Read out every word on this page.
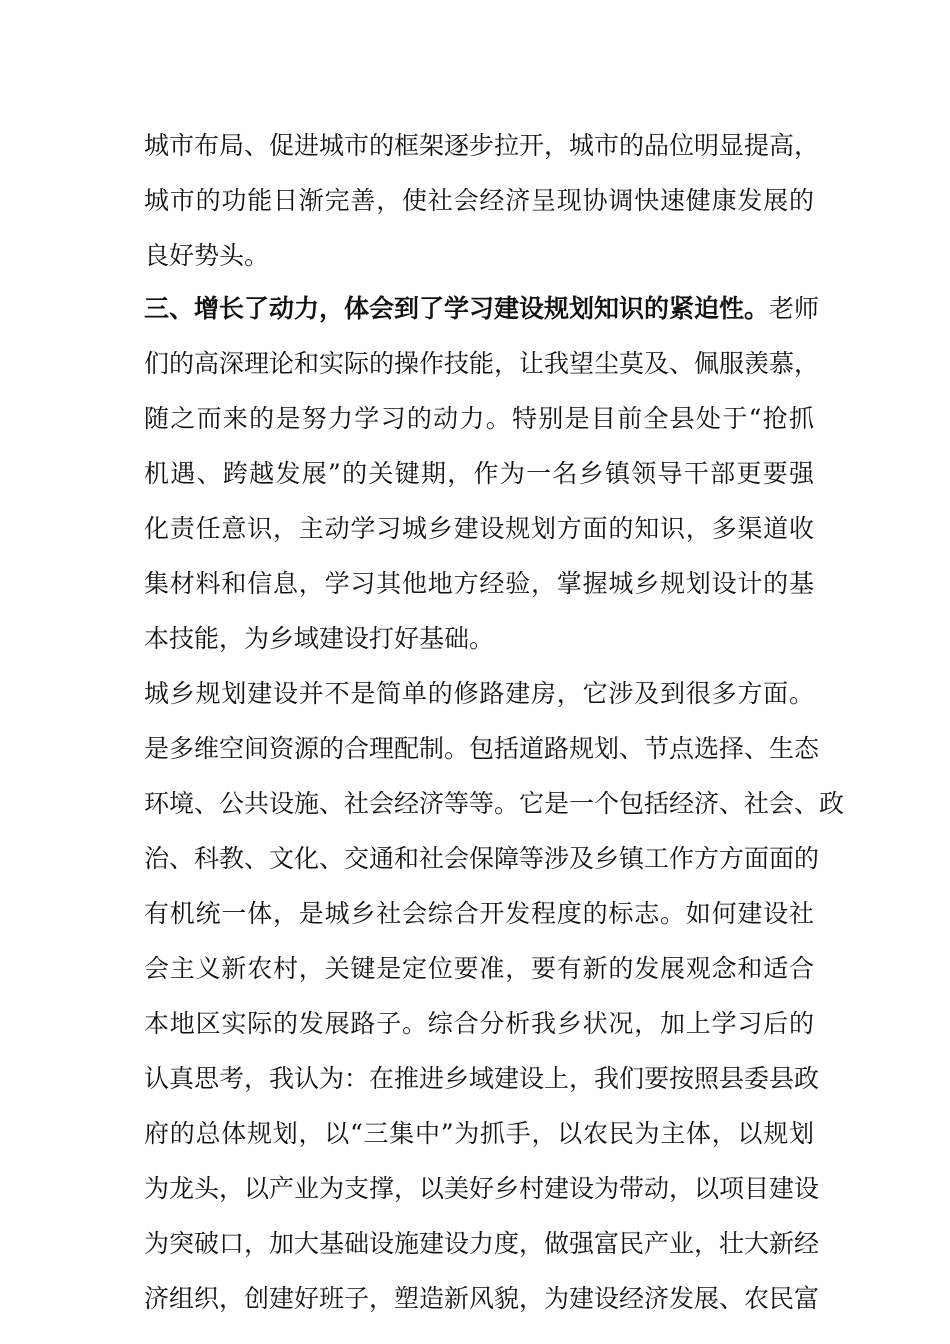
城市布局、促进城市的框架逐步拉开，城市的品位明显提高，
城市的功能日渐完善，使社会经济呈现协调快速健康发展的
良好势头。
三、增长了动力，体会到了学习建设规划知识的紧迫性。老师
们的高深理论和实际的操作技能，让我望尘莫及、佩服羡慕，
随之而来的是努力学习的动力。特别是目前全县处于“抢抓
机遇、跨越发展”的关键期，作为一名乡镇领导干部更要强
化责任意识，主动学习城乡建设规划方面的知识，多渠道收
集材料和信息，学习其他地方经验，掌握城乡规划设计的基
本技能，为乡域建设打好基础。
城乡规划建设并不是简单的修路建房，它涉及到很多方面。
是多维空间资源的合理配制。包括道路规划、节点选择、生态
环境、公共设施、社会经济等等。它是一个包括经济、社会、政
治、科教、文化、交通和社会保障等涉及乡镇工作方方面面的
有机统一体，是城乡社会综合开发程度的标志。如何建设社
会主义新农村，关键是定位要准，要有新的发展观念和适合
本地区实际的发展路子。综合分析我乡状况，加上学习后的
认真思考，我认为：在推进乡域建设上，我们要按照县委县政
府的总体规划，以“三集中”为抓手，以农民为主体，以规划
为龙头，以产业为支撑，以美好乡村建设为带动，以项目建设
为突破口，加大基础设施建设力度，做强富民产业，壮大新经
济组织，创建好班子，塑造新风貌，为建设经济发展、农民富
